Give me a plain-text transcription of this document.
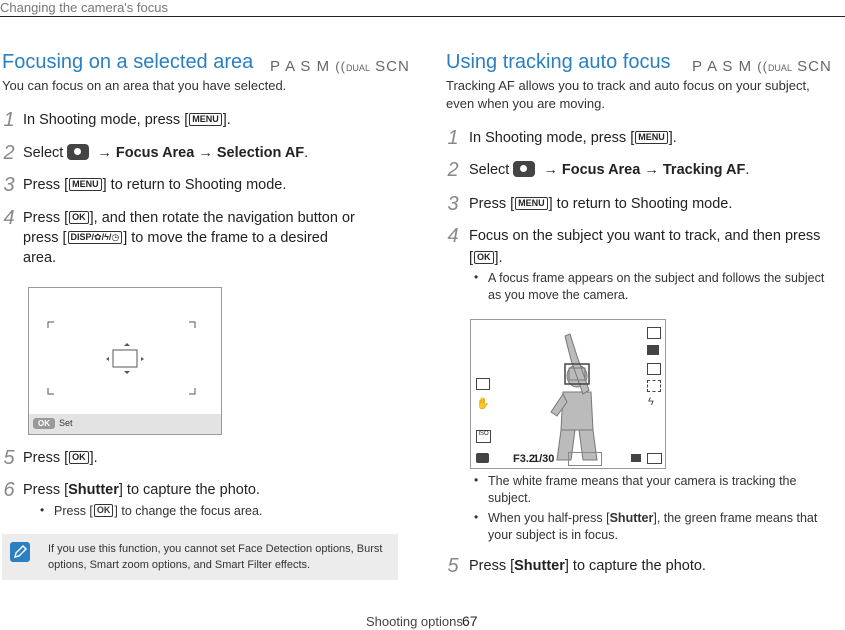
Changing the camera's focus
Focusing on a selected area P A S M ((DUAL SCN
You can focus on an area that you have selected.
1 In Shooting mode, press [ MENU ].
2 Select → Focus Area → Selection AF.
3 Press [ MENU ] to return to Shooting mode.
4 Press [ OK ], and then rotate the navigation button or
press [ DISP/✿/ϟ/◷ ] to move the frame to a desired
area.
OK	Set
5 Press [ OK ].
6 Press [Shutter] to capture the photo.
• Press [ OK ] to change the focus area.
If you use this function, you cannot set Face Detection options, Burst
options, Smart zoom options, and Smart Filter effects.
Using tracking auto focus P A S M ((DUAL SCN
Tracking AF allows you to track and auto focus on your subject,
even when you are moving.
1 In Shooting mode, press [ MENU ].
2 Select → Focus Area → Tracking AF.
3 Press [ MENU ] to return to Shooting mode.
4 Focus on the subject you want to track, and then press
[ OK ].
• A focus frame appears on the subject and follows the subject
as you move the camera.
✋
ISO
F3.2
1/30
ϟ
• The white frame means that your camera is tracking the
subject.
• When you half-press [Shutter], the green frame means that
your subject is in focus.
5 Press [Shutter] to capture the photo.
Shooting options 67
